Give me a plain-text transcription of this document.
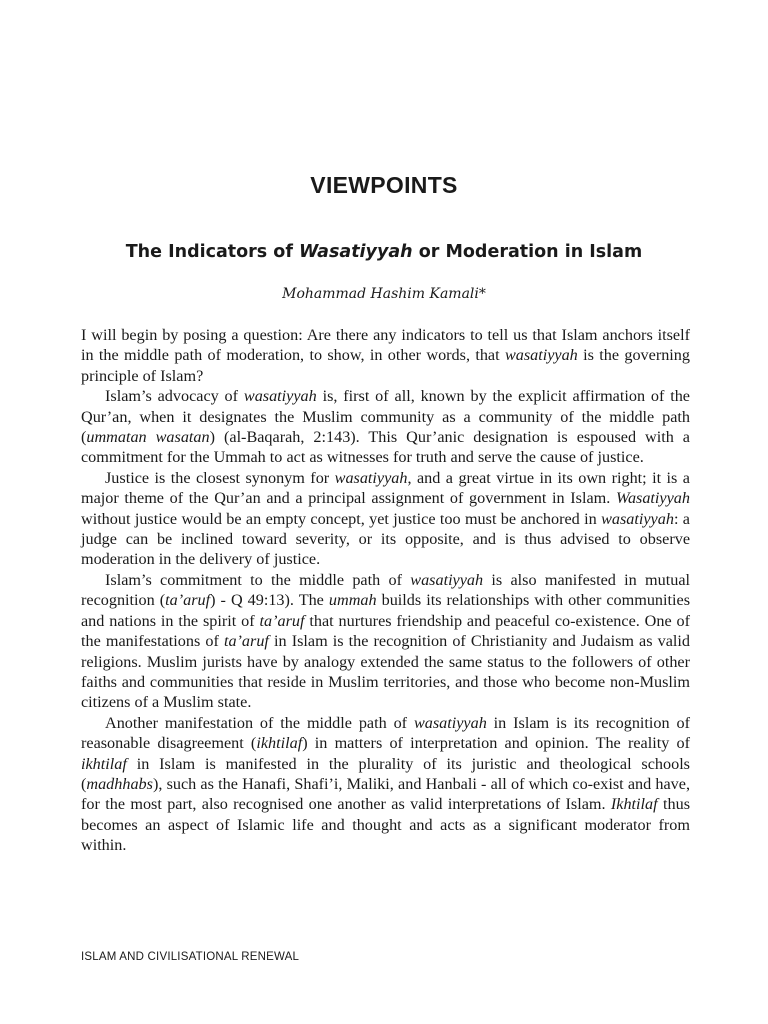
VIEWPOINTS
The Indicators of Wasatiyyah or Moderation in Islam

Mohammad Hashim Kamali*

I will begin by posing a question: Are there any indicators to tell us that Islam anchors itself in the middle path of moderation, to show, in other words, that wasatiyyah is the governing principle of Islam?

Islam’s advocacy of wasatiyyah is, first of all, known by the explicit affirmation of the Qur’an, when it designates the Muslim community as a community of the middle path (ummatan wasatan) (al-Baqarah, 2:143). This Qur’anic designation is espoused with a commitment for the Ummah to act as witnesses for truth and serve the cause of justice.

Justice is the closest synonym for wasatiyyah, and a great virtue in its own right; it is a major theme of the Qur’an and a principal assignment of government in Islam. Wasatiyyah without justice would be an empty concept, yet justice too must be anchored in wasatiyyah: a judge can be inclined toward severity, or its opposite, and is thus advised to observe moderation in the delivery of justice.

Islam’s commitment to the middle path of wasatiyyah is also manifested in mutual recognition (ta’aruf) - Q 49:13). The ummah builds its relationships with other communities and nations in the spirit of ta’aruf that nurtures friendship and peaceful co-existence. One of the manifestations of ta’aruf in Islam is the recognition of Christianity and Judaism as valid religions. Muslim jurists have by analogy extended the same status to the followers of other faiths and communities that reside in Muslim territories, and those who become non-Muslim citizens of a Muslim state.

Another manifestation of the middle path of wasatiyyah in Islam is its recognition of reasonable disagreement (ikhtilaf) in matters of interpretation and opinion. The reality of ikhtilaf in Islam is manifested in the plurality of its juristic and theological schools (madhhabs), such as the Hanafi, Shafi’i, Maliki, and Hanbali - all of which co-exist and have, for the most part, also recognised one another as valid interpretations of Islam. Ikhtilaf thus becomes an aspect of Islamic life and thought and acts as a significant moderator from within.

ISLAM AND CIVILISATIONAL RENEWAL
